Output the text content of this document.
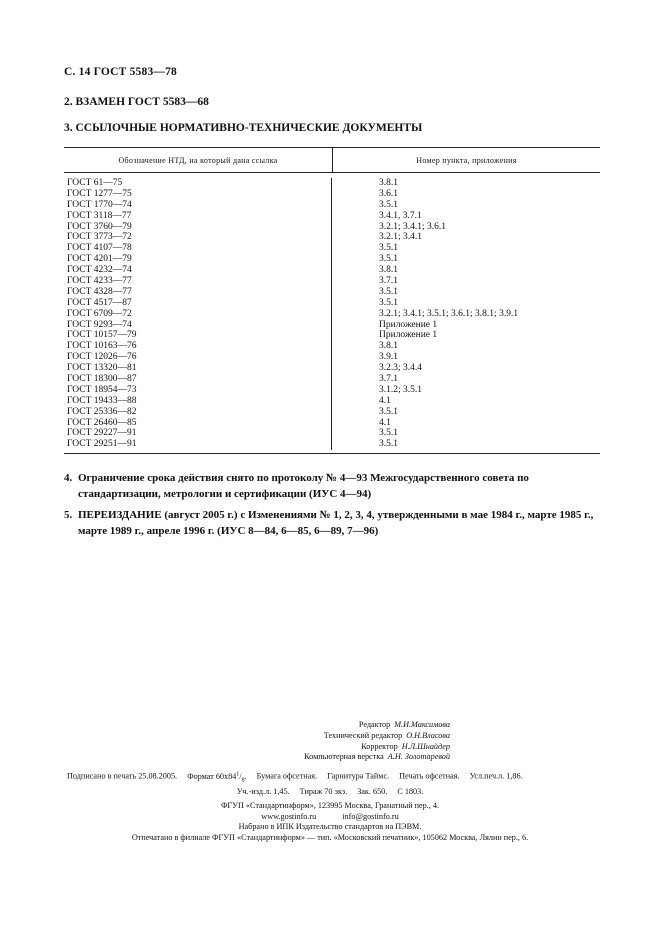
С. 14 ГОСТ 5583—78
2. ВЗАМЕН ГОСТ 5583—68
3. ССЫЛОЧНЫЕ НОРМАТИВНО-ТЕХНИЧЕСКИЕ ДОКУМЕНТЫ
Обозначение НТД, на который дана ссылка	Номер пункта, приложения
ГОСТ 61—75
ГОСТ 1277—75
ГОСТ 1770—74
ГОСТ 3118—77
ГОСТ 3760—79
ГОСТ 3773—72
ГОСТ 4107—78
ГОСТ 4201—79
ГОСТ 4232—74
ГОСТ 4233—77
ГОСТ 4328—77
ГОСТ 4517—87
ГОСТ 6709—72
ГОСТ 9293—74
ГОСТ 10157—79
ГОСТ 10163—76
ГОСТ 12026—76
ГОСТ 13320—81
ГОСТ 18300—87
ГОСТ 18954—73
ГОСТ 19433—88
ГОСТ 25336—82
ГОСТ 26460—85
ГОСТ 29227—91
ГОСТ 29251—91
3.8.1
3.6.1
3.5.1
3.4.1, 3.7.1
3.2.1; 3.4.1; 3.6.1
3.2.1; 3.4.1
3.5.1
3.5.1
3.8.1
3.7.1
3.5.1
3.5.1
3.2.1; 3.4.1; 3.5.1; 3.6.1; 3.8.1; 3.9.1
Приложение 1
Приложение 1
3.8.1
3.9.1
3.2.3; 3.4.4
3.7.1
3.1.2; 3.5.1
4.1
3.5.1
4.1
3.5.1
3.5.1
4. Ограничение срока действия снято по протоколу № 4—93 Межгосударственного совета по стандартизации, метрологии и сертификации (ИУС 4—94)
5. ПЕРЕИЗДАНИЕ (август 2005 г.) с Изменениями № 1, 2, 3, 4, утвержденными в мае 1984 г., марте 1985 г., марте 1989 г., апреле 1996 г. (ИУС 8—84, 6—85, 6—89, 7—96)
Редактор М.И.Максимова
Технический редактор О.Н.Власова
Корректор Н.Л.Шнайдер
Компьютерная верстка А.Н. Золотаревой
Подписано в печать 25.08.2005. Формат $60x84^1/_8$. Бумага офсетная. Гарнитура Таймс. Печать офсетная. Усл.печ.л. 1,86.
Уч.-изд.л. 1,45. Тираж 70 экз. Зак. 650. С 1803.
ФГУП «Стандартинформ», 123995 Москва, Гранатный пер., 4.
www.gostinfo.ru	info@gostinfo.ru
Набрано в ИПК Издательство стандартов на ПЭВМ.
Отпечатано в филиале ФГУП «Стандартинформ» — тип. «Московский печатник», 105062 Москва, Лялин пер., 6.
